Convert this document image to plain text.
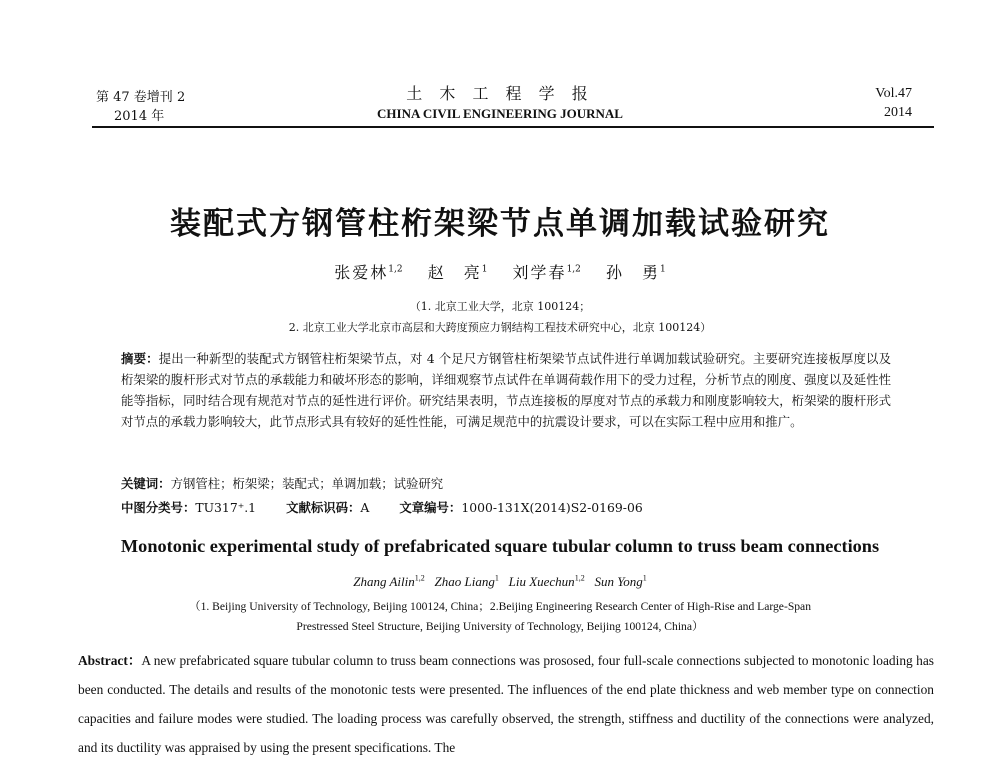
第 47 卷增刊 2
2014 年
土 木 工 程 学 报
CHINA CIVIL ENGINEERING JOURNAL
Vol.47
2014
装配式方钢管柱桁架梁节点单调加载试验研究
张爱林$^{1,2}$  赵　亮$^1$  刘学春$^{1,2}$  孙　勇$^1$
（1. 北京工业大学，北京 100124；
2. 北京工业大学北京市高层和大跨度预应力钢结构工程技术研究中心，北京 100124）
摘要：提出一种新型的装配式方钢管柱桁架梁节点，对 4 个足尺方钢管柱桁架梁节点试件进行单调加载试验研究。主要研究连接板厚度以及桁架梁的腹杆形式对节点的承载能力和破坏形态的影响，详细观察节点试件在单调荷载作用下的受力过程，分析节点的刚度、强度以及延性性能等指标，同时结合现有规范对节点的延性进行评价。研究结果表明，节点连接板的厚度对节点的承载力和刚度影响较大，桁架梁的腹杆形式对节点的承载力影响较大，此节点形式具有较好的延性性能，可满足规范中的抗震设计要求，可以在实际工程中应用和推广。
关键词：方钢管柱；桁架梁；装配式；单调加载；试验研究
中图分类号：TU317⁺.1 文献标识码：A 文章编号：1000-131X(2014)S2-0169-06
Monotonic experimental study of prefabricated square tubular column to truss beam connections
Zhang Ailin$^{1,2}$  Zhao Liang$^1$  Liu Xuechun$^{1,2}$  Sun Yong$^1$
（1. Beijing University of Technology, Beijing 100124, China；2.Beijing Engineering Research Center of High-Rise and Large-Span
Prestressed Steel Structure, Beijing University of Technology, Beijing 100124, China）
Abstract：A new prefabricated square tubular column to truss beam connections was prososed, four full-scale connections subjected to monotonic loading has been conducted. The details and results of the monotonic tests were presented. The influences of the end plate thickness and web member type on connection capacities and failure modes were studied. The loading process was carefully observed, the strength, stiffness and ductility of the connections were analyzed, and its ductility was appraised by using the present specifications. The
